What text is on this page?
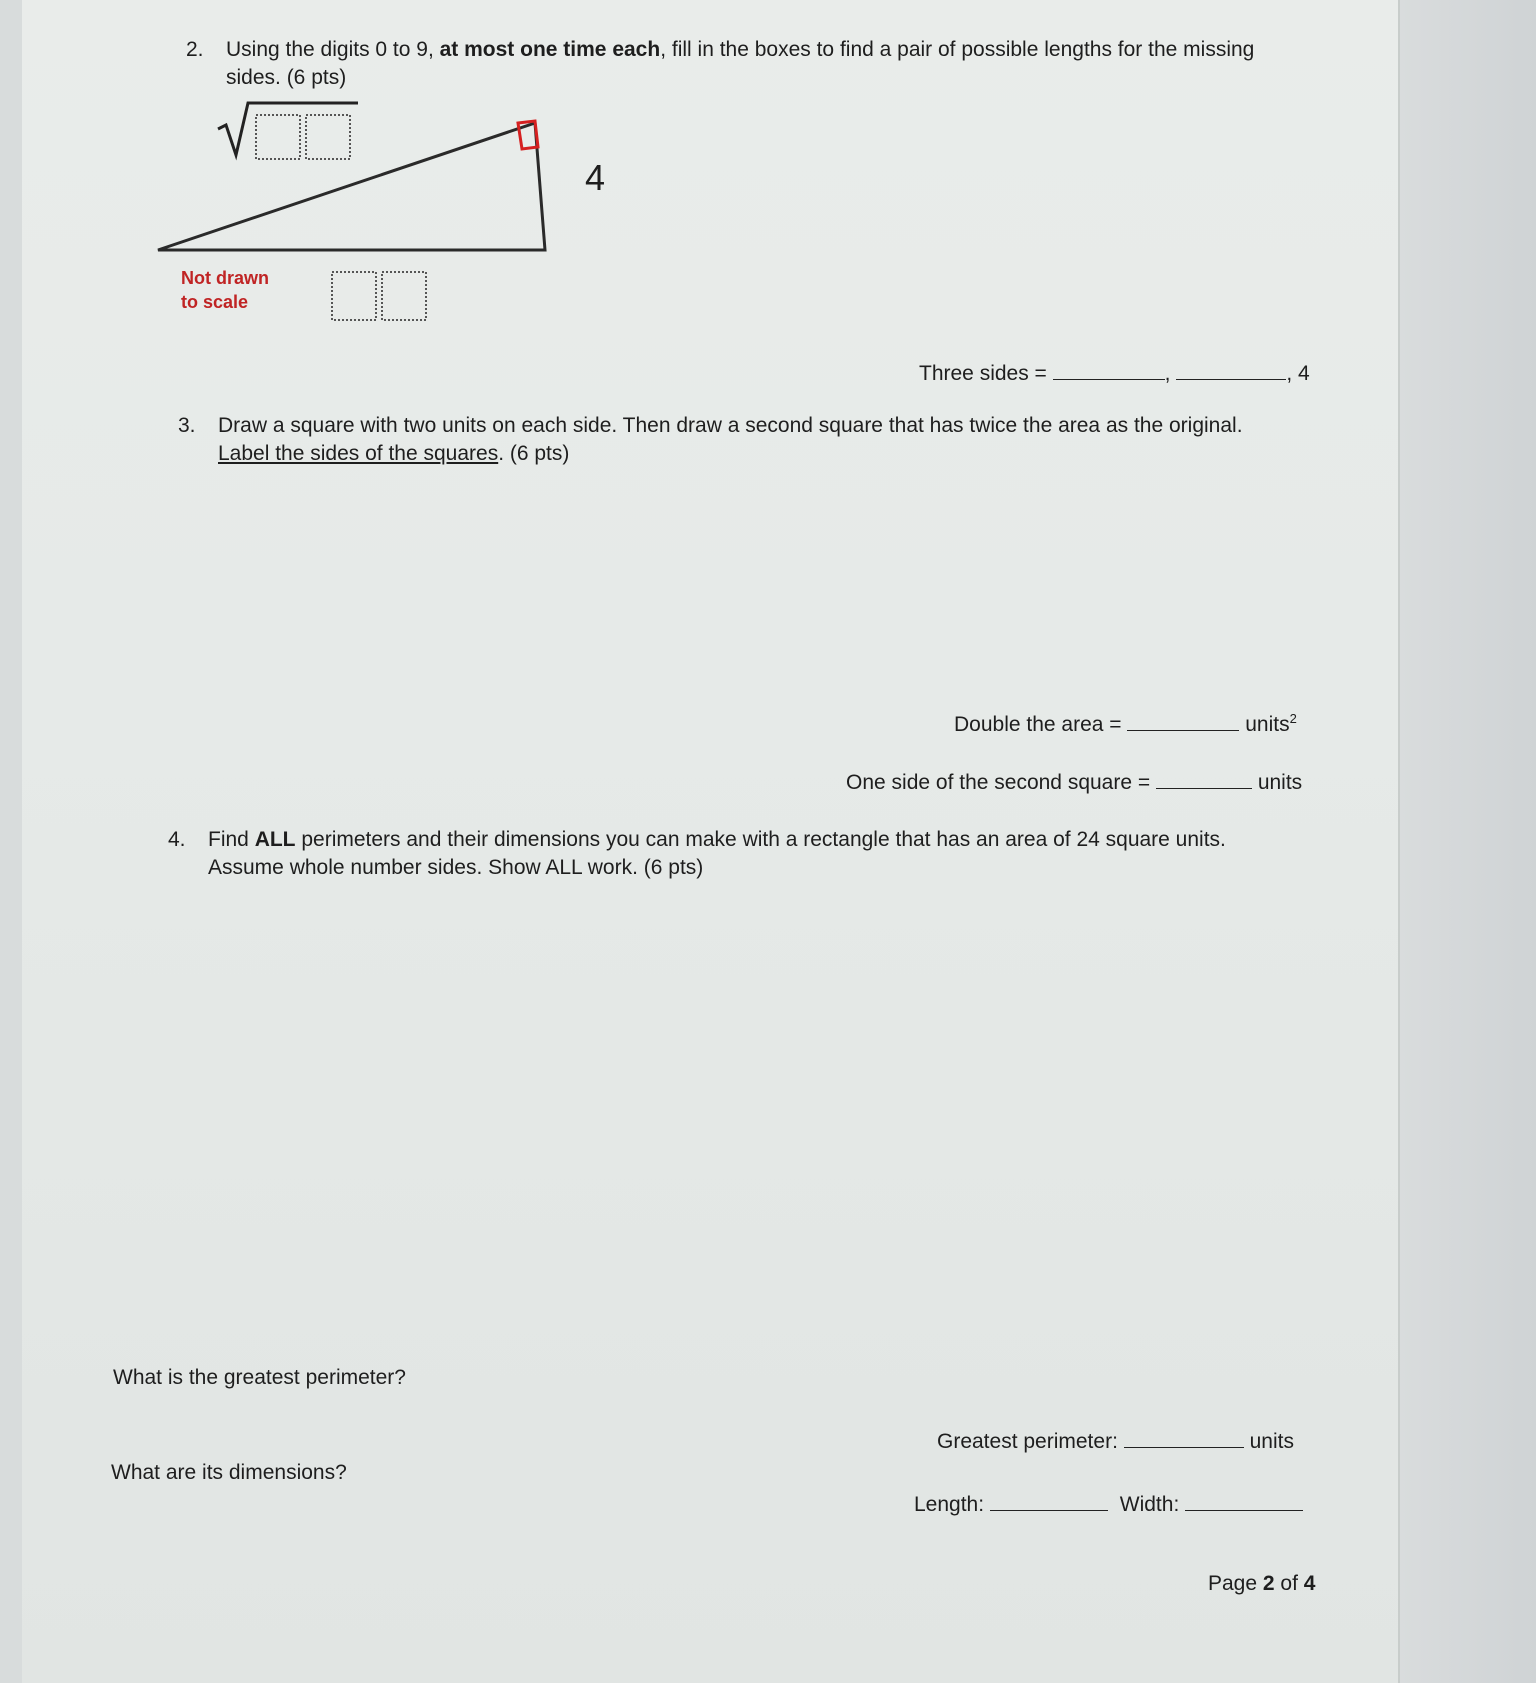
2. Using the digits 0 to 9, at most one time each, fill in the boxes to find a pair of possible lengths for the missing
sides. (6 pts)
4
Not drawn
to scale
Three sides =	,	, 4
3. Draw a square with two units on each side. Then draw a second square that has twice the area as the original.
Label the sides of the squares. (6 pts)
Double the area =	units$^2$
One side of the second square =	units
4. Find ALL perimeters and their dimensions you can make with a rectangle that has an area of 24 square units.
Assume whole number sides. Show ALL work. (6 pts)
What is the greatest perimeter?
What are its dimensions?
Greatest perimeter:	units
Length:	Width:
Page 2 of 4
